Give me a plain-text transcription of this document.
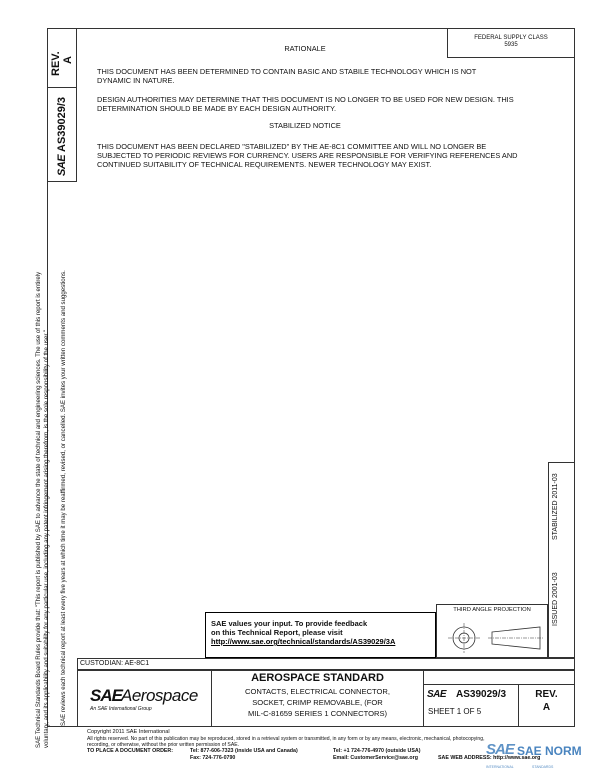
REV. A
AS39029/3
SAE
FEDERAL SUPPLY CLASS
5935
RATIONALE
THIS DOCUMENT HAS BEEN DETERMINED TO CONTAIN BASIC AND STABILE TECHNOLOGY WHICH IS NOT DYNAMIC IN NATURE.
DESIGN AUTHORITIES MAY DETERMINE THAT THIS DOCUMENT IS NO LONGER TO BE USED FOR NEW DESIGN. THIS DETERMINATION SHOULD BE MADE BY EACH DESIGN AUTHORITY.
STABILIZED NOTICE
THIS DOCUMENT HAS BEEN DECLARED "STABILIZED" BY THE AE-8C1 COMMITTEE AND WILL NO LONGER BE SUBJECTED TO PERIODIC REVIEWS FOR CURRENCY. USERS ARE RESPONSIBLE FOR VERIFYING REFERENCES AND CONTINUED SUITABILITY OF TECHNICAL REQUIREMENTS. NEWER TECHNOLOGY MAY EXIST.
SAE Technical Standards Board Rules provide that: "This report is published by SAE to advance the state of technical and engineering sciences. The use of this report is entirely voluntary, and its applicability and suitability for any particular use, including any patent infringement arising therefrom, is the sole responsibility of the user." SAE reviews each technical report at least every five years at which time it may be reaffirmed, revised, or cancelled. SAE invites your written comments and suggestions.	ISSUED 2001-03
STABILIZED 2011-03
SAE values your input. To provide feedback
on this Technical Report, please visit
http://www.sae.org/technical/standards/AS39029/3A
THIRD ANGLE PROJECTION
CUSTODIAN: AE-8C1
SAE Aerospace
An SAE International Group
AEROSPACE STANDARD
CONTACTS, ELECTRICAL CONNECTOR,
SOCKET, CRIMP REMOVABLE, (FOR
MIL-C-81659 SERIES 1 CONNECTORS)
SAE AS39029/3
SHEET 1 OF 5
REV.
A
Copyright 2011 SAE International
All rights reserved. No part of this publication may be reproduced, stored in a retrieval system or transmitted, in any form or by any means, electronic, mechanical, photocopying,
recording, or otherwise, without the prior written permission of SAE.
TO PLACE A DOCUMENT ORDER:	Tel: 877-606-7323 (inside USA and Canada)	Tel: +1 724-776-4970 (outside USA)
Fax: 724-776-0790	Email: CustomerService@sae.org	SAE WEB ADDRESS: http://www.sae.org
SAE SAE NORM
INTERNATIONAL	STANDARDS
